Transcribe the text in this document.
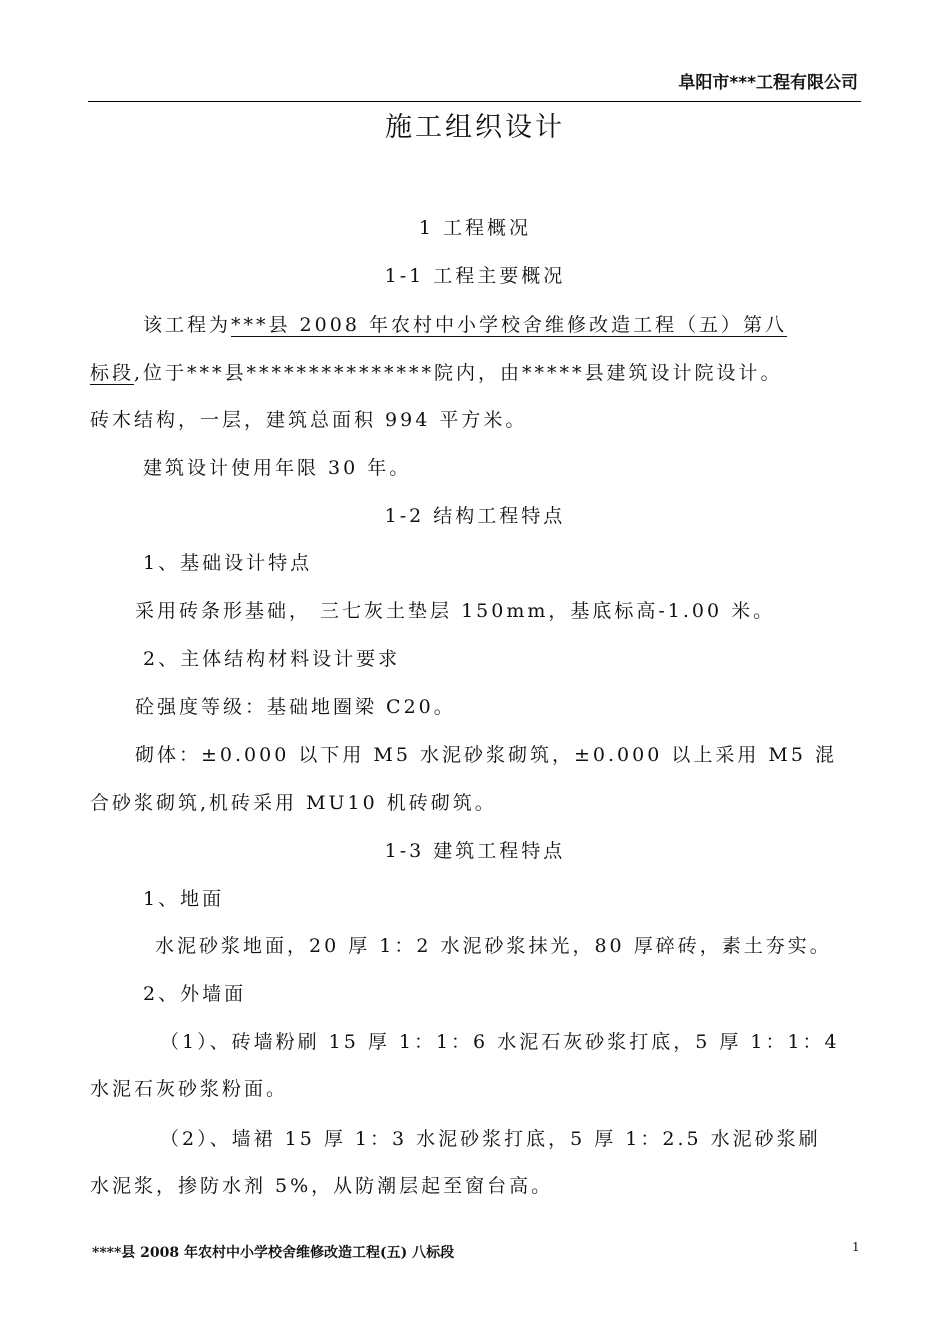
阜阳市***工程有限公司
施工组织设计
1 工程概况
1-1 工程主要概况
该工程为***县 2008 年农村中小学校舍维修改造工程（五）第八
标段,位于***县***************院内，由*****县建筑设计院设计。
砖木结构，一层，建筑总面积 994 平方米。
建筑设计使用年限 30 年。
1-2 结构工程特点
1、基础设计特点
采用砖条形基础， 三七灰土垫层 150mm，基底标高-1.00 米。
2、主体结构材料设计要求
砼强度等级：基础地圈梁 C20。
砌体：±0.000 以下用 M5 水泥砂浆砌筑，±0.000 以上采用 M5 混
合砂浆砌筑,机砖采用 MU10 机砖砌筑。
1-3 建筑工程特点
1、地面
水泥砂浆地面，20 厚 1：2 水泥砂浆抹光，80 厚碎砖，素土夯实。
2、外墙面
（1）、砖墙粉刷 15 厚 1：1：6 水泥石灰砂浆打底，5 厚 1：1：4
水泥石灰砂浆粉面。
（2）、墙裙 15 厚 1：3 水泥砂浆打底，5 厚 1：2.5 水泥砂浆刷
水泥浆，掺防水剂 5%，从防潮层起至窗台高。
****县 2008 年农村中小学校舍维修改造工程(五) 八标段	1
